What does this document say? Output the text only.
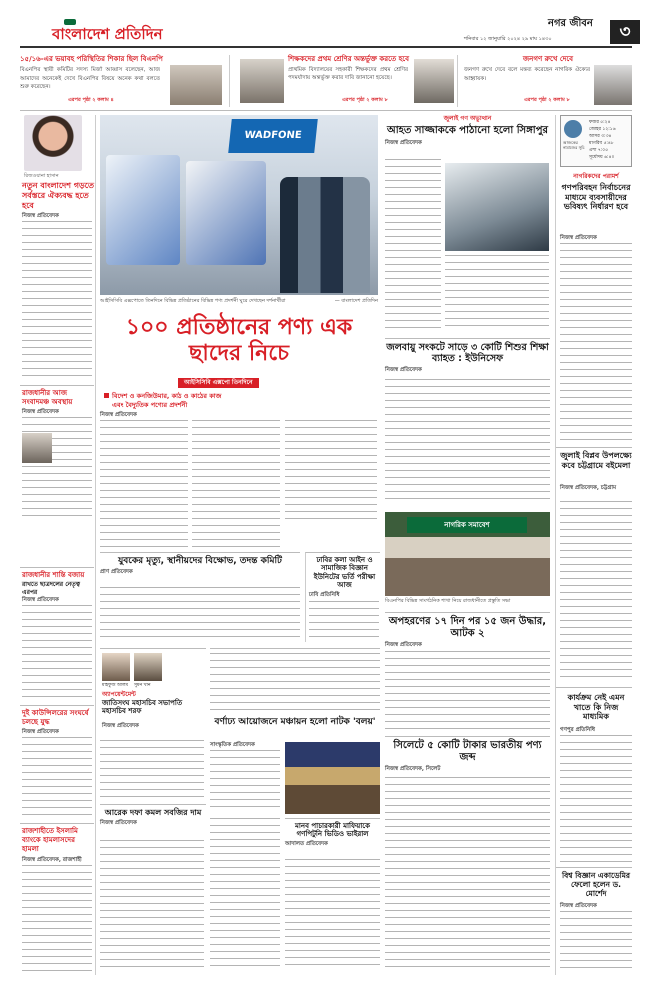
বাংলাদেশ প্রতিদিন
নগর জীবন
শনিবার ১২ জানুয়ারি ২০২৪ ২৯ মাঘ ১৪৩০	৩
১৫/১৬-এর ভয়াবহ পরিস্থিতির শিকার ছিল বিএনপি
বিএনপির স্থায়ী কমিটির সদস্য মির্জা আব্বাস বলেছেন, আজ আমাদের অনেকেই দেখে বিএনপির বিষয়ে অনেক কথা বলতে শুরু করেছেন।
এরপর পৃষ্ঠা ২ কলাম ৪
শিক্ষকদের প্রথম শ্রেণির অন্তর্ভুক্ত করতে হবে
প্রাথমিক বিদ্যালয়ের সহকারী শিক্ষকদের প্রথম শ্রেণির পদমর্যাদায় অন্তর্ভুক্ত করার দাবি জানানো হয়েছে।
এরপর পৃষ্ঠা ২ কলাম ৮
জনগণ রুখে দেবে
জনগণ রুখে দেবে বলে মন্তব্য করেছেন নাগরিক ঐক্যের আহ্বায়ক।
এরপর পৃষ্ঠা ২ কলাম ৮
রিজওয়ানা হাসান
নতুন বাংলাদেশ গড়তে সর্বস্তরে ঐক্যবদ্ধ হতে হবে
নিজস্ব প্রতিবেদক
রাজধানীর আজ সংবাদমঞ্চ অবস্থায়
নিজস্ব প্রতিবেদক
রাজধানীর শান্তি বজায়
রাখতে ছাত্রদলের নেতৃত্ব এরপর
নিজস্ব প্রতিবেদক
দুই কাউন্সিলরের সংঘর্ষে চলছে যুদ্ধ
নিজস্ব প্রতিবেদক
রাজশাহীতে ইসলামি ব্যাংকে হামলাসদের হামলা
নিজস্ব প্রতিবেদক, রাজশাহী
WADFONE
আইসিসিবি এক্সপোতে তিনদিনে বিভিন্ন প্রতিষ্ঠানের বিভিন্ন পণ্য প্রদর্শনী ঘুরে দেখছেন দর্শনার্থীরা	— বাংলাদেশ প্রতিদিন
জুলাই গণ অভ্যুত্থান
আহত সাজ্জাককে পাঠানো হলো সিঙ্গাপুর
নিজস্ব প্রতিবেদক	আজকের নামাজের সূচি
ফজর ৫:২৪
জোহর ১২:১৬
আসর ৩:৩৪
মাগরিব ৫:৪৮
এশা ৭:০৫
সূর্যোদয় ৬:৪০
নাগরিকদের পরামর্শ
গণপরিবহন নির্বাচনের মাধ্যমে ব্যবসায়ীদের ভবিষ্যৎ নির্ধারণ হবে
নিজস্ব প্রতিবেদক
জুলাই বিপ্লব উপলক্ষ্যে কবে চট্টগ্রামে বইমেলা
নিজস্ব প্রতিবেদক, চট্টগ্রাম
কার্যক্রম নেই এমন খাতে কি নিজ মাধ্যমিক
গণপুর প্রতিনিধি
বিশ্ব বিজ্ঞান একাডেমির ফেলো হলেন ড. মোর্শেদ
নিজস্ব প্রতিবেদক
জলবায়ু সংকটে সাড়ে ৩ কোটি শিশুর শিক্ষা ব্যাহত : ইউনিসেফ
নিজস্ব প্রতিবেদক
১০০ প্রতিষ্ঠানের পণ্য এক ছাদের নিচে
আইসিসিবি এক্সপো তিনদিনে
বিদেশ ও কনজিউমার, কাঠ ও কাঠের কাজ
এবং বৈদ্যুতিক পণ্যের প্রদর্শনী
নিজস্ব প্রতিবেদক
নাগরিক সমাবেশ
বিএনপির বিভিন্ন সাংগঠনিক শাখা নিয়ে রাজধানীতে প্রস্তুতি সভা
যুবকের মৃত্যু, স্থানীয়দের বিক্ষোভ, তদন্ত কমিটি
প্রাণ প্রতিবেদক
ঢাবির কলা আইন ও সামাজিক বিজ্ঞান ইউনিটের ভর্তি পরীক্ষা আজ
ঢাবি প্রতিনিধি
মাহফুজ আলম সুমন খান
অ্যাপয়েন্টমেন্ট
জাতিসংঘ মহাসচিব সভাপতি মহাসচিব শরফ
নিজস্ব প্রতিবেদক	বর্ণাঢ্য আয়োজনে মঞ্চায়ন হলো নাটক 'বলয়'
সাংস্কৃতিক প্রতিবেদক
অপহরণের ১৭ দিন পর ১৫ জন উদ্ধার, আটক ২
নিজস্ব প্রতিবেদক
আরেক দফা কমল সবজির দাম
নিজস্ব প্রতিবেদক	মানব পাচারকারী মাফিয়াকে গণপিটুনি ভিডিও ভাইরাল
আদালত প্রতিবেদক
সিলেটে ৫ কোটি টাকার ভারতীয় পণ্য জব্দ
নিজস্ব প্রতিবেদক, সিলেট
